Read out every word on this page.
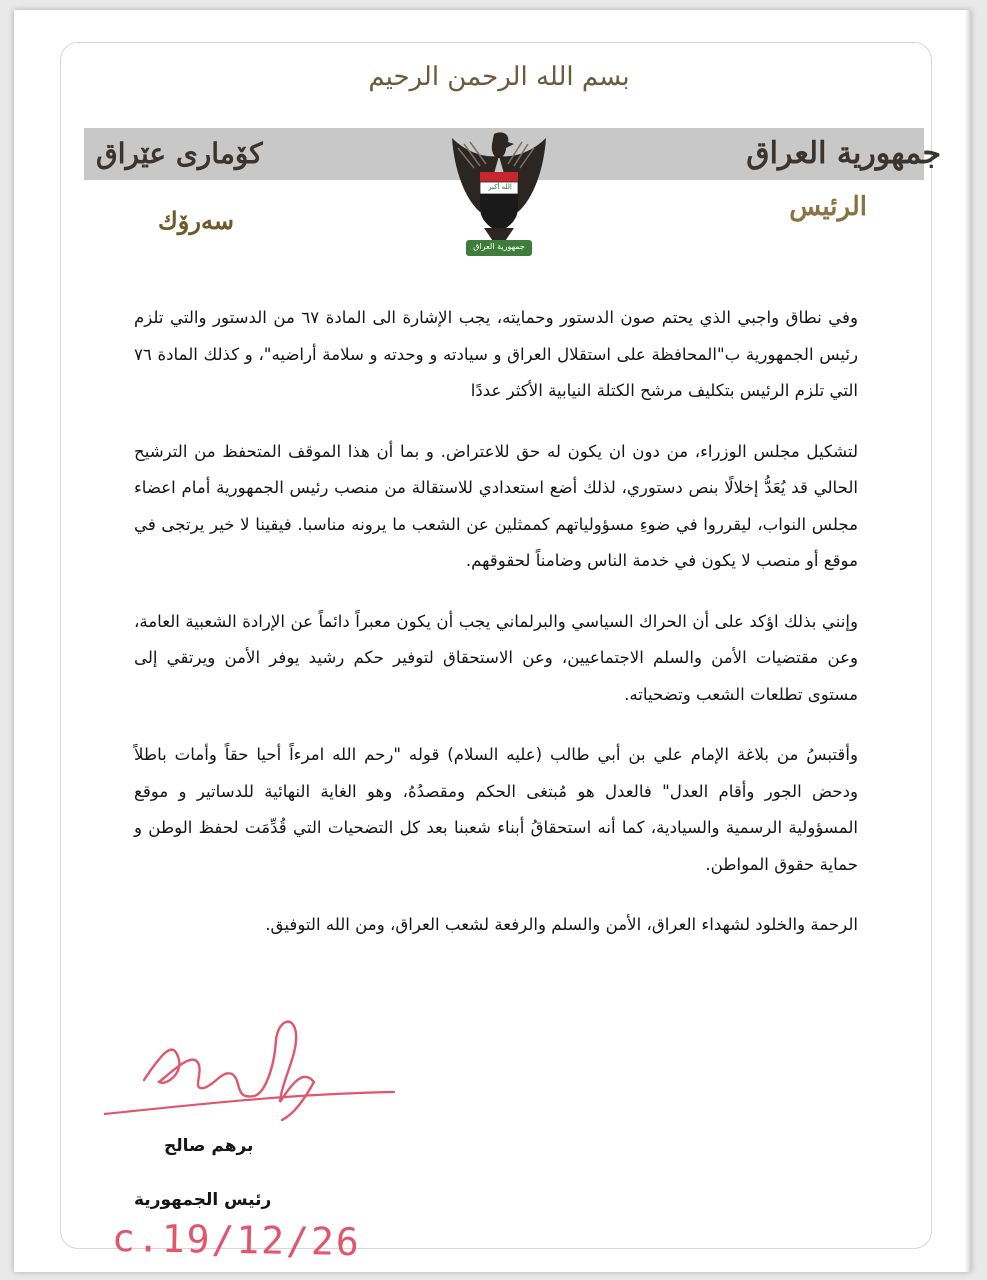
بسم الله الرحمن الرحيم
جمهورية العراق
كۆماری عێراق
الله أكبر
جمهورية العراق
الرئيس
سەرۆك

وفي نطاق واجبي الذي يحتم صون الدستور وحمايته، يجب الإشارة الى المادة ٦٧ من الدستور والتي تلزم رئيس الجمهورية ب"المحافظة على استقلال العراق و سيادته و وحدته و سلامة أراضيه"، و كذلك المادة ٧٦ التي تلزم الرئيس بتكليف مرشح الكتلة النيابية الأكثر عددًا

لتشكيل مجلس الوزراء، من دون ان يكون له حق للاعتراض. و بما أن هذا الموقف المتحفظ من الترشيح الحالي قد يُعَدُّ إخلالًا بنص دستوري، لذلك أضع استعدادي للاستقالة من منصب رئيس الجمهورية أمام اعضاء مجلس النواب، ليقرروا في ضوءِ مسؤولياتهم كممثلين عن الشعب ما يرونه مناسبا. فيقينا لا خير يرتجى في موقع أو منصب لا يكون في خدمة الناس وضامناً لحقوقهم.

وإنني بذلك اؤكد على أن الحراك السياسي والبرلماني يجب أن يكون معبراً دائماً عن الإرادة الشعبية العامة، وعن مقتضيات الأمن والسلم الاجتماعيين، وعن الاستحقاق لتوفير حكم رشيد يوفر الأمن ويرتقي إلى مستوى تطلعات الشعب وتضحياته.

وأقتبسُ من بلاغة الإمام علي بن أبي طالب (عليه السلام) قوله "رحم الله امرءاً أحيا حقاً وأمات باطلاً ودحض الجور وأقام العدل" فالعدل هو مُبتغى الحكم ومقصدُهُ، وهو الغاية النهائية للدساتير و موقع المسؤولية الرسمية والسيادية، كما أنه استحقاقُ أبناء شعبنا بعد كل التضحيات التي قُدِّمَت لحفظ الوطن و حماية حقوق المواطن.

الرحمة والخلود لشهداء العراق، الأمن والسلم والرفعة لشعب العراق، ومن الله التوفيق.

برهم صالح
رئيس الجمهورية
c.19/12/26
